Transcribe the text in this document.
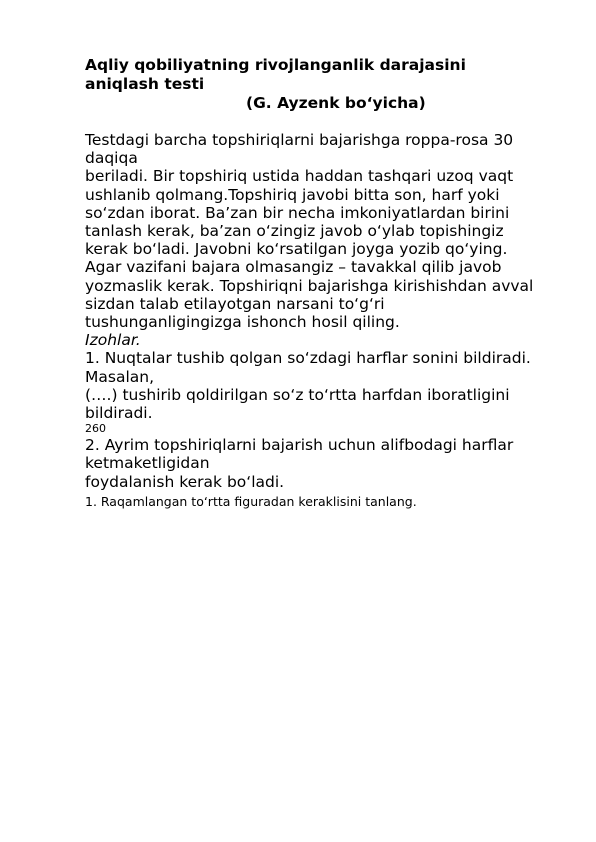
Aqliy qobiliyatning rivojlanganlik darajasini
aniqlash testi
(G. Ayzenk bo‘yicha)
Testdagi barcha topshiriqlarni bajarishga roppa-rosa 30
daqiqa
beriladi. Bir topshiriq ustida haddan tashqari uzoq vaqt
ushlanib qolmang.Topshiriq javobi bitta son, harf yoki
so‘zdan iborat. Ba’zan bir necha imkoniyatlardan birini
tanlash kerak, ba’zan o‘zingiz javob o‘ylab topishingiz
kerak bo‘ladi. Javobni ko‘rsatilgan joyga yozib qo‘ying.
Agar vazifani bajara olmasangiz – tavakkal qilib javob
yozmaslik kerak. Topshiriqni bajarishga kirishishdan avval
sizdan talab etilayotgan narsani to‘g‘ri
tushunganligingizga ishonch hosil qiling.
Izohlar.
1. Nuqtalar tushib qolgan so‘zdagi harflar sonini bildiradi.
Masalan,
(….) tushirib qoldirilgan so‘z to‘rtta harfdan iboratligini
bildiradi.
260
2. Ayrim topshiriqlarni bajarish uchun alifbodagi harflar
ketmaketligidan
foydalanish kerak bo‘ladi.
1. Raqamlangan to‘rtta figuradan keraklisini tanlang.
